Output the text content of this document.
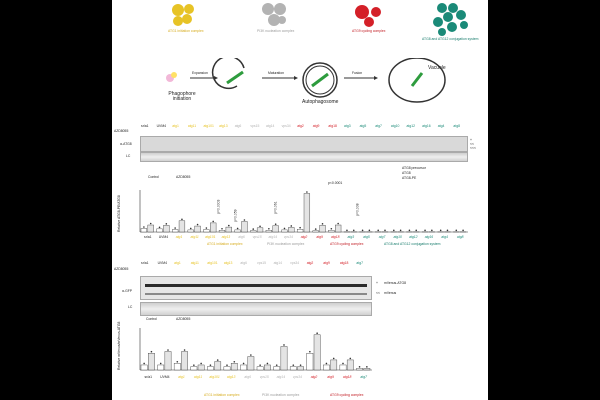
ATG1 initiation complex	PI3K nucleation complex	ATG9 cycling complex
ATG8 and ATG12 conjugation system
Phagophore initiation
Expansion	Maturation
Autophagosome
Fusion
Vacuole
AZD8055
sr/a1 UVM4 atg1	atg11 atg101 atg13 atg6	vps15 atg14 vps34 atg2	atg9	atg18 atg3	atg5	atg7	atg10 atg12 atg16 atg4	atg8
α-ATG8
LC
+
<<
<<<
ATG8 precursor
ATG8
ATG8-PE
Control	AZD8055
Relative ATG8-PE/ATG8
sr/a1 UVM4 atg1 atg11 atg101 atg13 atg6 vps15 atg14 vps34 atg2	atg9 atg18 atg3	atg5	atg7 atg10 atg12 atg16 atg4	atg8
ATG1 initiation complex	PI3K nucleation complex	ATG9 cycling complex	ATG8 and ATG12 conjugation system
p=0.0003
p=0.059
p=0.061
p<0.0001
p=0.008
AZD8055
sr/a1	UVM4 atg1	atg11 atg101 atg13 atg6	vps15 atg14 vps34 atg2	atg9	atg18 atg7
α-GFP
LC
+ mVenus-ATG8
<< mVenus
Control	AZD8055
Relative mVenus/mVenus-ATG8
sr/a1 UVM4	atg1	atg11 atg101 atg13	atg6	vps15 atg14 vps34	atg2	atg9	atg18	atg7
ATG1 initiation complex	PI3K nucleation complex	ATG9 cycling complex
